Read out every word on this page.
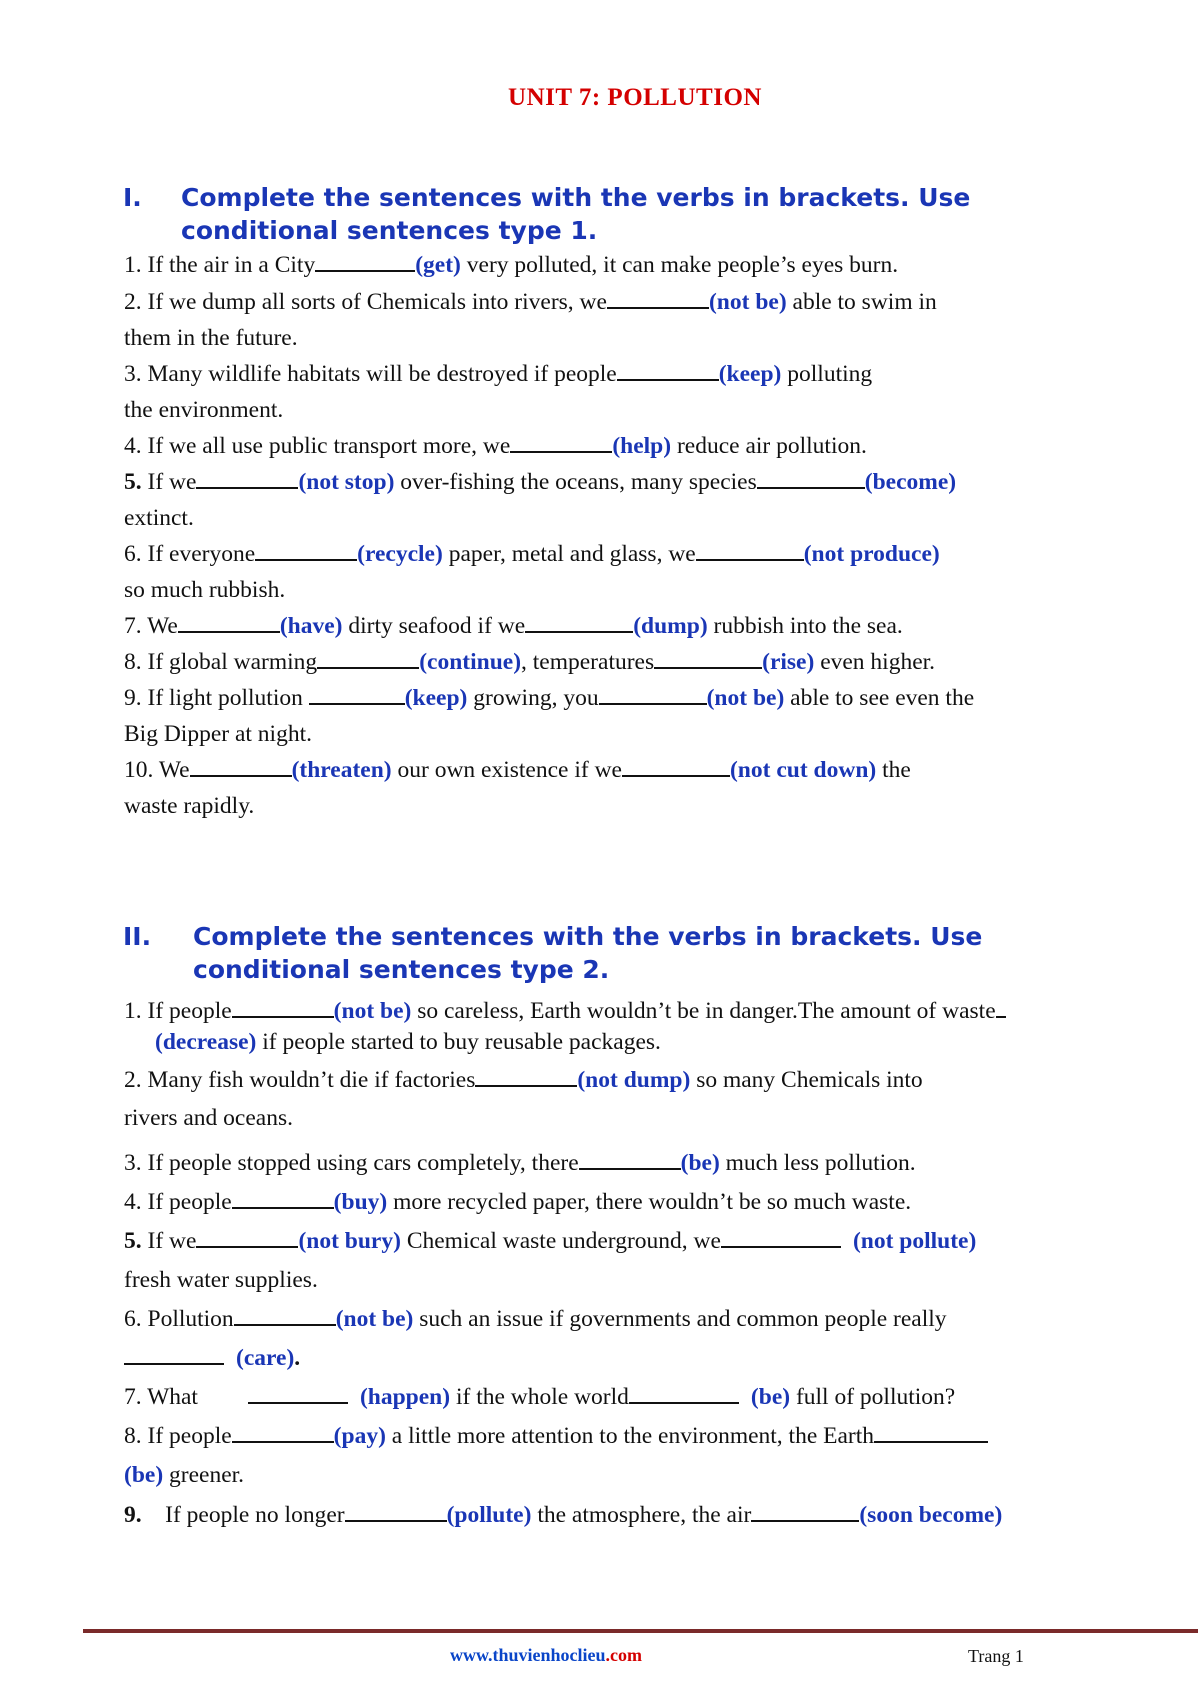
UNIT 7: POLLUTION
I.	Complete the sentences with the verbs in brackets. Use conditional sentences type 1.
1. If the air in a City	(get) very polluted, it can make people’s eyes burn.
2. If we dump all sorts of Chemicals into rivers, we	(not be) able to swim in
them in the future.
3. Many wildlife habitats will be destroyed if people	(keep) polluting
the environment.
4. If we all use public transport more, we	(help) reduce air pollution.
5. If we	(not stop) over-fishing the oceans, many species	(become)
extinct.
6. If everyone	(recycle) paper, metal and glass, we	(not produce)
so much rubbish.
7. We	(have) dirty seafood if we	(dump) rubbish into the sea.
8. If global warming	(continue), temperatures	(rise) even higher.
9. If light pollution	(keep) growing, you	(not be) able to see even the
Big Dipper at night.
10. We	(threaten) our own existence if we	(not cut down) the
waste rapidly.
II.	Complete the sentences with the verbs in brackets. Use conditional sentences type 2.
1. If people	(not be) so careless, Earth wouldn’t be in danger.The amount of waste
(decrease) if people started to buy reusable packages.
2. Many fish wouldn’t die if factories	(not dump) so many Chemicals into
rivers and oceans.
3. If people stopped using cars completely, there	(be) much less pollution.
4. If people	(buy) more recycled paper, there wouldn’t be so much waste.
5. If we	(not bury) Chemical waste underground, we	(not pollute)
fresh water supplies.
6. Pollution	(not be) such an issue if governments and common people really
(care).
7. What	(happen) if the whole world	(be) full of pollution?
8. If people	(pay) a little more attention to the environment, the Earth
(be) greener.
9.    If people no longer	(pollute) the atmosphere, the air	(soon become)
www.thuvienhoclieu.com	Trang 1
